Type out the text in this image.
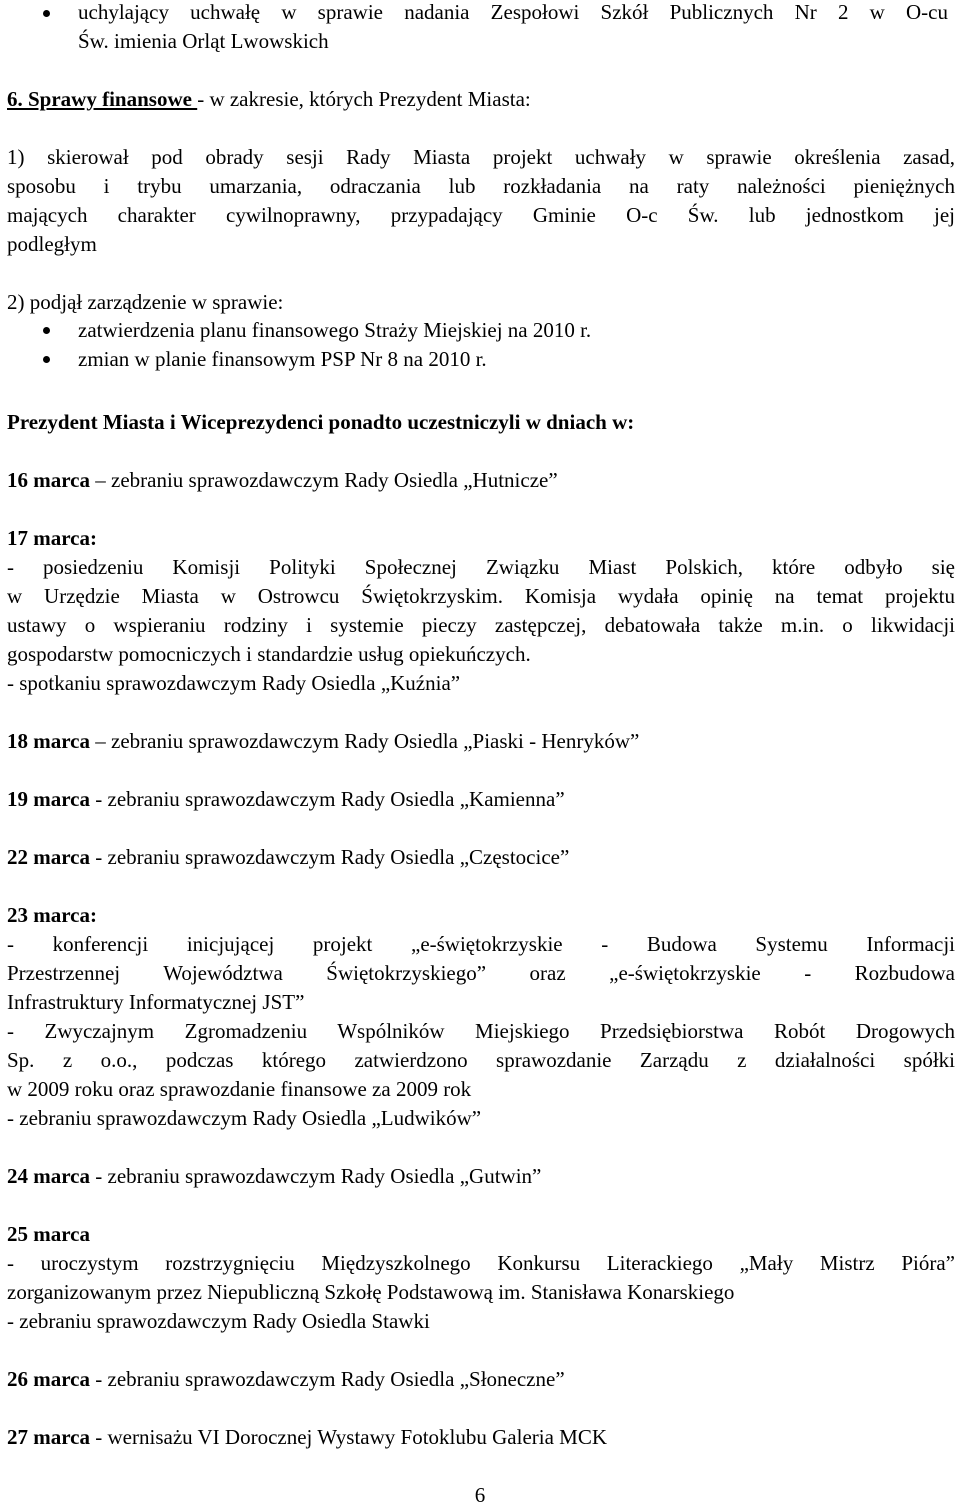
uchylający uchwałę w sprawie nadania Zespołowi Szkół Publicznych Nr 2 w O-cu
Św. imienia Orląt Lwowskich
6. Sprawy finansowe - w zakresie, których Prezydent Miasta:
1) skierował pod obrady sesji Rady Miasta projekt uchwały w sprawie określenia zasad,
sposobu i trybu umarzania, odraczania lub rozkładania na raty należności pieniężnych
mających charakter cywilnoprawny, przypadający Gminie O-c Św. lub jednostkom jej
podległym
2) podjął zarządzenie w sprawie:
zatwierdzenia planu finansowego Straży Miejskiej na 2010 r.
zmian w planie finansowym PSP Nr 8 na 2010 r.
Prezydent Miasta i Wiceprezydenci ponadto uczestniczyli w dniach w:
16 marca – zebraniu sprawozdawczym Rady Osiedla „Hutnicze”
17 marca:
- posiedzeniu Komisji Polityki Społecznej Związku Miast Polskich, które odbyło się
w Urzędzie Miasta w Ostrowcu Świętokrzyskim. Komisja wydała opinię na temat projektu
ustawy o wspieraniu rodziny i systemie pieczy zastępczej, debatowała także m.in. o likwidacji
gospodarstw pomocniczych i standardzie usług opiekuńczych.
- spotkaniu sprawozdawczym Rady Osiedla „Kuźnia”
18 marca – zebraniu sprawozdawczym Rady Osiedla „Piaski - Henryków”
19 marca - zebraniu sprawozdawczym Rady Osiedla „Kamienna”
22 marca - zebraniu sprawozdawczym Rady Osiedla „Częstocice”
23 marca:
- konferencji inicjującej projekt „e-świętokrzyskie - Budowa Systemu Informacji
Przestrzennej Województwa Świętokrzyskiego” oraz „e-świętokrzyskie - Rozbudowa
Infrastruktury Informatycznej JST”
- Zwyczajnym Zgromadzeniu Wspólników Miejskiego Przedsiębiorstwa Robót Drogowych
Sp. z o.o., podczas którego zatwierdzono sprawozdanie Zarządu z działalności spółki
w 2009 roku oraz sprawozdanie finansowe za 2009 rok
- zebraniu sprawozdawczym Rady Osiedla „Ludwików”
24 marca - zebraniu sprawozdawczym Rady Osiedla „Gutwin”
25 marca
- uroczystym rozstrzygnięciu Międzyszkolnego Konkursu Literackiego „Mały Mistrz Pióra”
zorganizowanym przez Niepubliczną Szkołę Podstawową im. Stanisława Konarskiego
- zebraniu sprawozdawczym Rady Osiedla Stawki
26 marca - zebraniu sprawozdawczym Rady Osiedla „Słoneczne”
27 marca - wernisażu VI Dorocznej Wystawy Fotoklubu Galeria MCK
6
